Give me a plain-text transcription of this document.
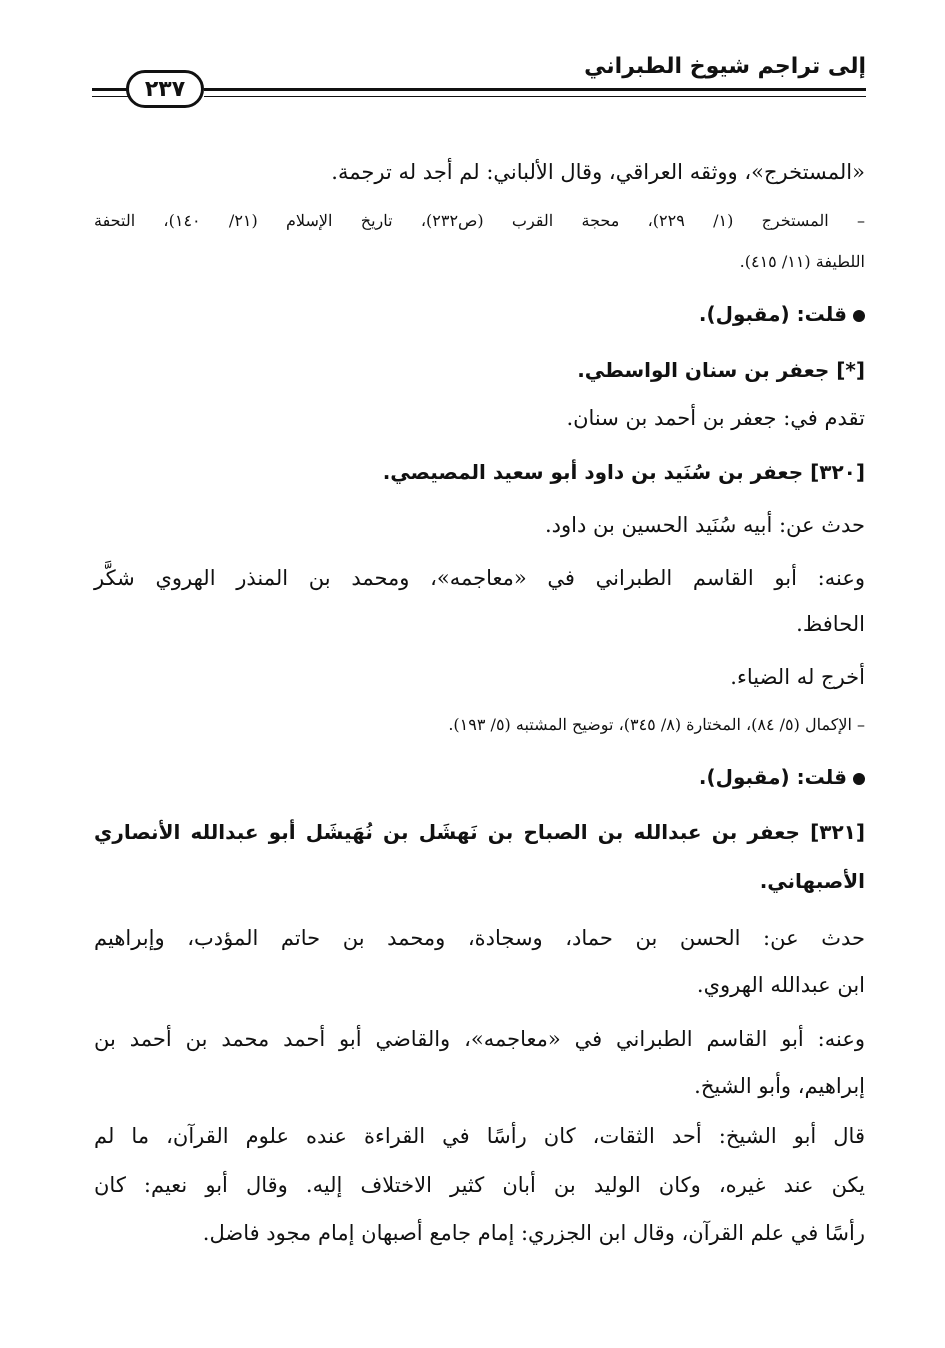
إلى تراجم شيوخ الطبراني
٢٣٧
«المستخرج»، ووثقه العراقي، وقال الألباني: لم أجد له ترجمة.
– المستخرج (١/ ٢٢٩)، محجة القرب (ص٢٣٢)، تاريخ الإسلام (٢١/ ١٤٠)، التحفة
اللطيفة (١١/ ٤١٥).
قلت: (مقبول).
[*] جعفر بن سنان الواسطي.
تقدم في: جعفر بن أحمد بن سنان.
[٣٢٠] جعفر بن سُنَيد بن داود أبو سعيد المصيصي.
حدث عن: أبيه سُنَيد الحسين بن داود.
وعنه: أبو القاسم الطبراني في «معاجمه»، ومحمد بن المنذر الهروي شكَّر
الحافظ.
أخرج له الضياء.
– الإكمال (٥/ ٨٤)، المختارة (٨/ ٣٤٥)، توضيح المشتبه (٥/ ١٩٣).
قلت: (مقبول).
[٣٢١] جعفر بن عبدالله بن الصباح بن نَهشَل بن نُهَيشَل أبو عبدالله الأنصاري
الأصبهاني.
حدث عن: الحسن بن حماد، وسجادة، ومحمد بن حاتم المؤدب، وإبراهيم
ابن عبدالله الهروي.
وعنه: أبو القاسم الطبراني في «معاجمه»، والقاضي أبو أحمد محمد بن أحمد بن
إبراهيم، وأبو الشيخ.
قال أبو الشيخ: أحد الثقات، كان رأسًا في القراءة عنده علوم القرآن، ما لم
يكن عند غيره، وكان الوليد بن أبان كثير الاختلاف إليه. وقال أبو نعيم: كان
رأسًا في علم القرآن، وقال ابن الجزري: إمام جامع أصبهان إمام مجود فاضل.
